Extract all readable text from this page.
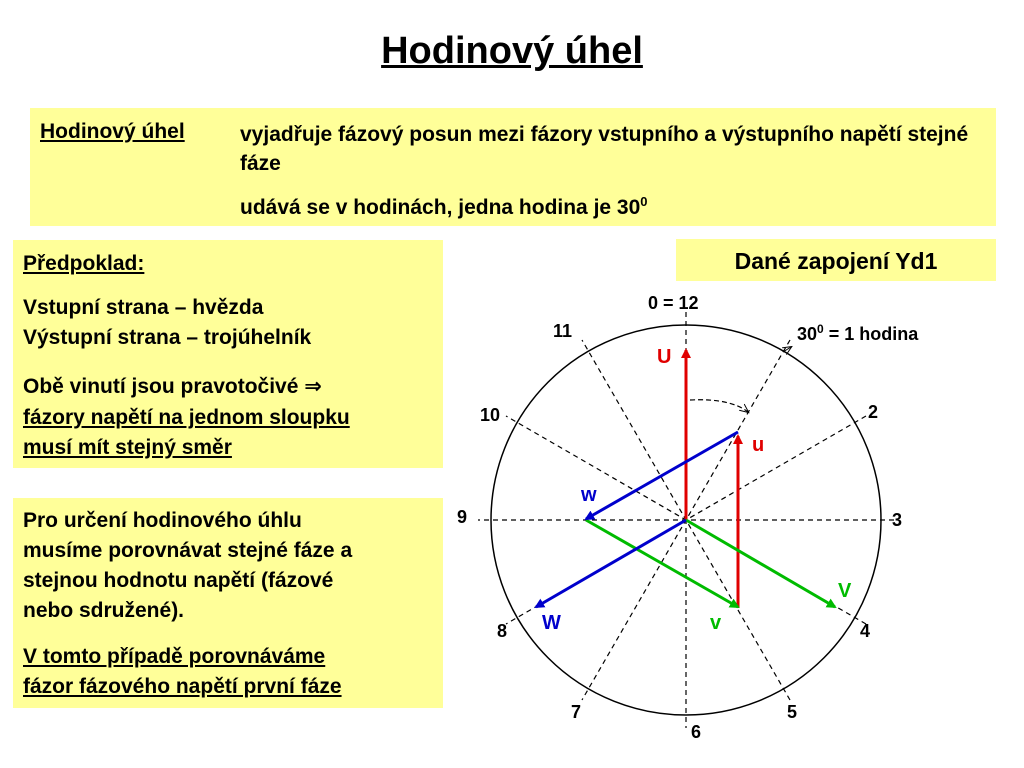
Hodinový úhel
Hodinový úhel	vyjadřuje fázový posun mezi fázory vstupního a výstupního napětí stejné fáze
udává se v hodinách, jedna hodina je $30^0$
Předpoklad:
Vstupní strana – hvězda
Výstupní strana – trojúhelník
Obě vinutí jsou pravotočivé ⇒
fázory napětí na jednom sloupku
musí mít stejný směr
Pro určení hodinového úhlu
musíme porovnávat stejné fáze a
stejnou hodnotu napětí (fázové
nebo sdružené).
V tomto případě porovnáváme
fázor fázového napětí první fáze
Dané zapojení Yd1
0 = 12
$30^0 = 1$ hodina
11
10
9
8
7
6
5
4
3
2
U
u
V
v
W
w
